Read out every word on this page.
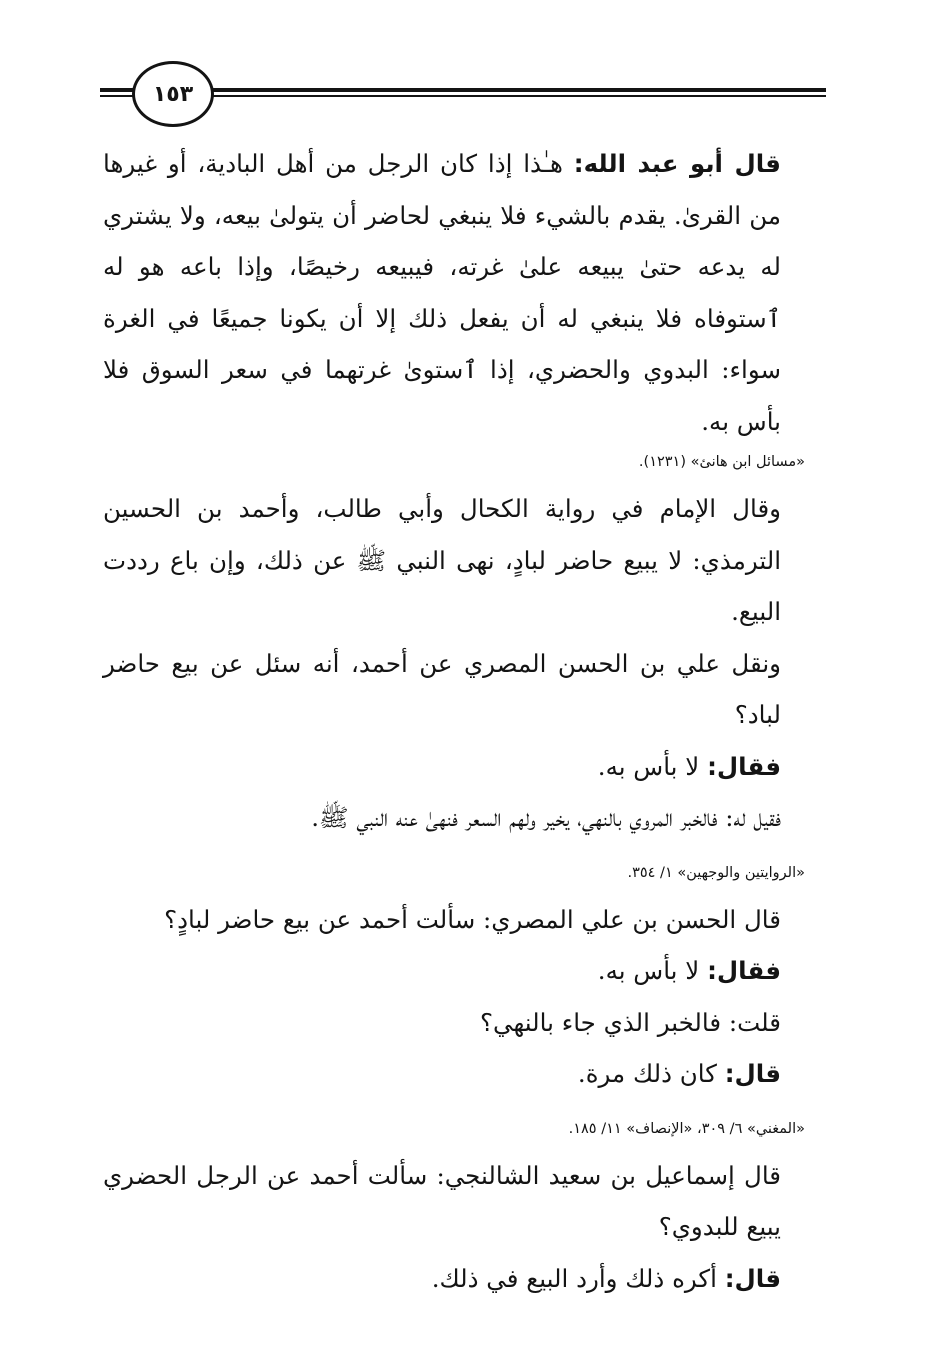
١٥٣

قال أبو عبد الله: هـٰذا إذا كان الرجل من أهل البادية، أو غيرها من القرىٰ. يقدم بالشيء فلا ينبغي لحاضر أن يتولىٰ بيعه، ولا يشتري له يدعه حتىٰ يبيعه علىٰ غرته، فيبيعه رخيصًا، وإذا باعه هو له ٱستوفاه فلا ينبغي له أن يفعل ذلك إلا أن يكونا جميعًا في الغرة سواء: البدوي والحضري، إذا ٱستوىٰ غرتهما في سعر السوق فلا بأس به.

«مسائل ابن هانئ» (١٢٣١).

وقال الإمام في رواية الكحال وأبي طالب، وأحمد بن الحسين الترمذي: لا يبيع حاضر لبادٍ، نهى النبي ﷺ عن ذلك، وإن باع رددت البيع.

ونقل علي بن الحسن المصري عن أحمد، أنه سئل عن بيع حاضر لباد؟

فقال: لا بأس به.

فقيل له: فالخبر المروي بالنهي، يخير ولهم السعر فنهىٰ عنه النبي ﷺ.

«الروايتين والوجهين» ١/ ٣٥٤.

قال الحسن بن علي المصري: سألت أحمد عن بيع حاضر لبادٍ؟

فقال: لا بأس به.

قلت: فالخبر الذي جاء بالنهي؟

قال: كان ذلك مرة.

«المغني» ٦/ ٣٠٩، «الإنصاف» ١١/ ١٨٥.

قال إسماعيل بن سعيد الشالنجي: سألت أحمد عن الرجل الحضري يبيع للبدوي؟

قال: أكره ذلك وأرد البيع في ذلك.
